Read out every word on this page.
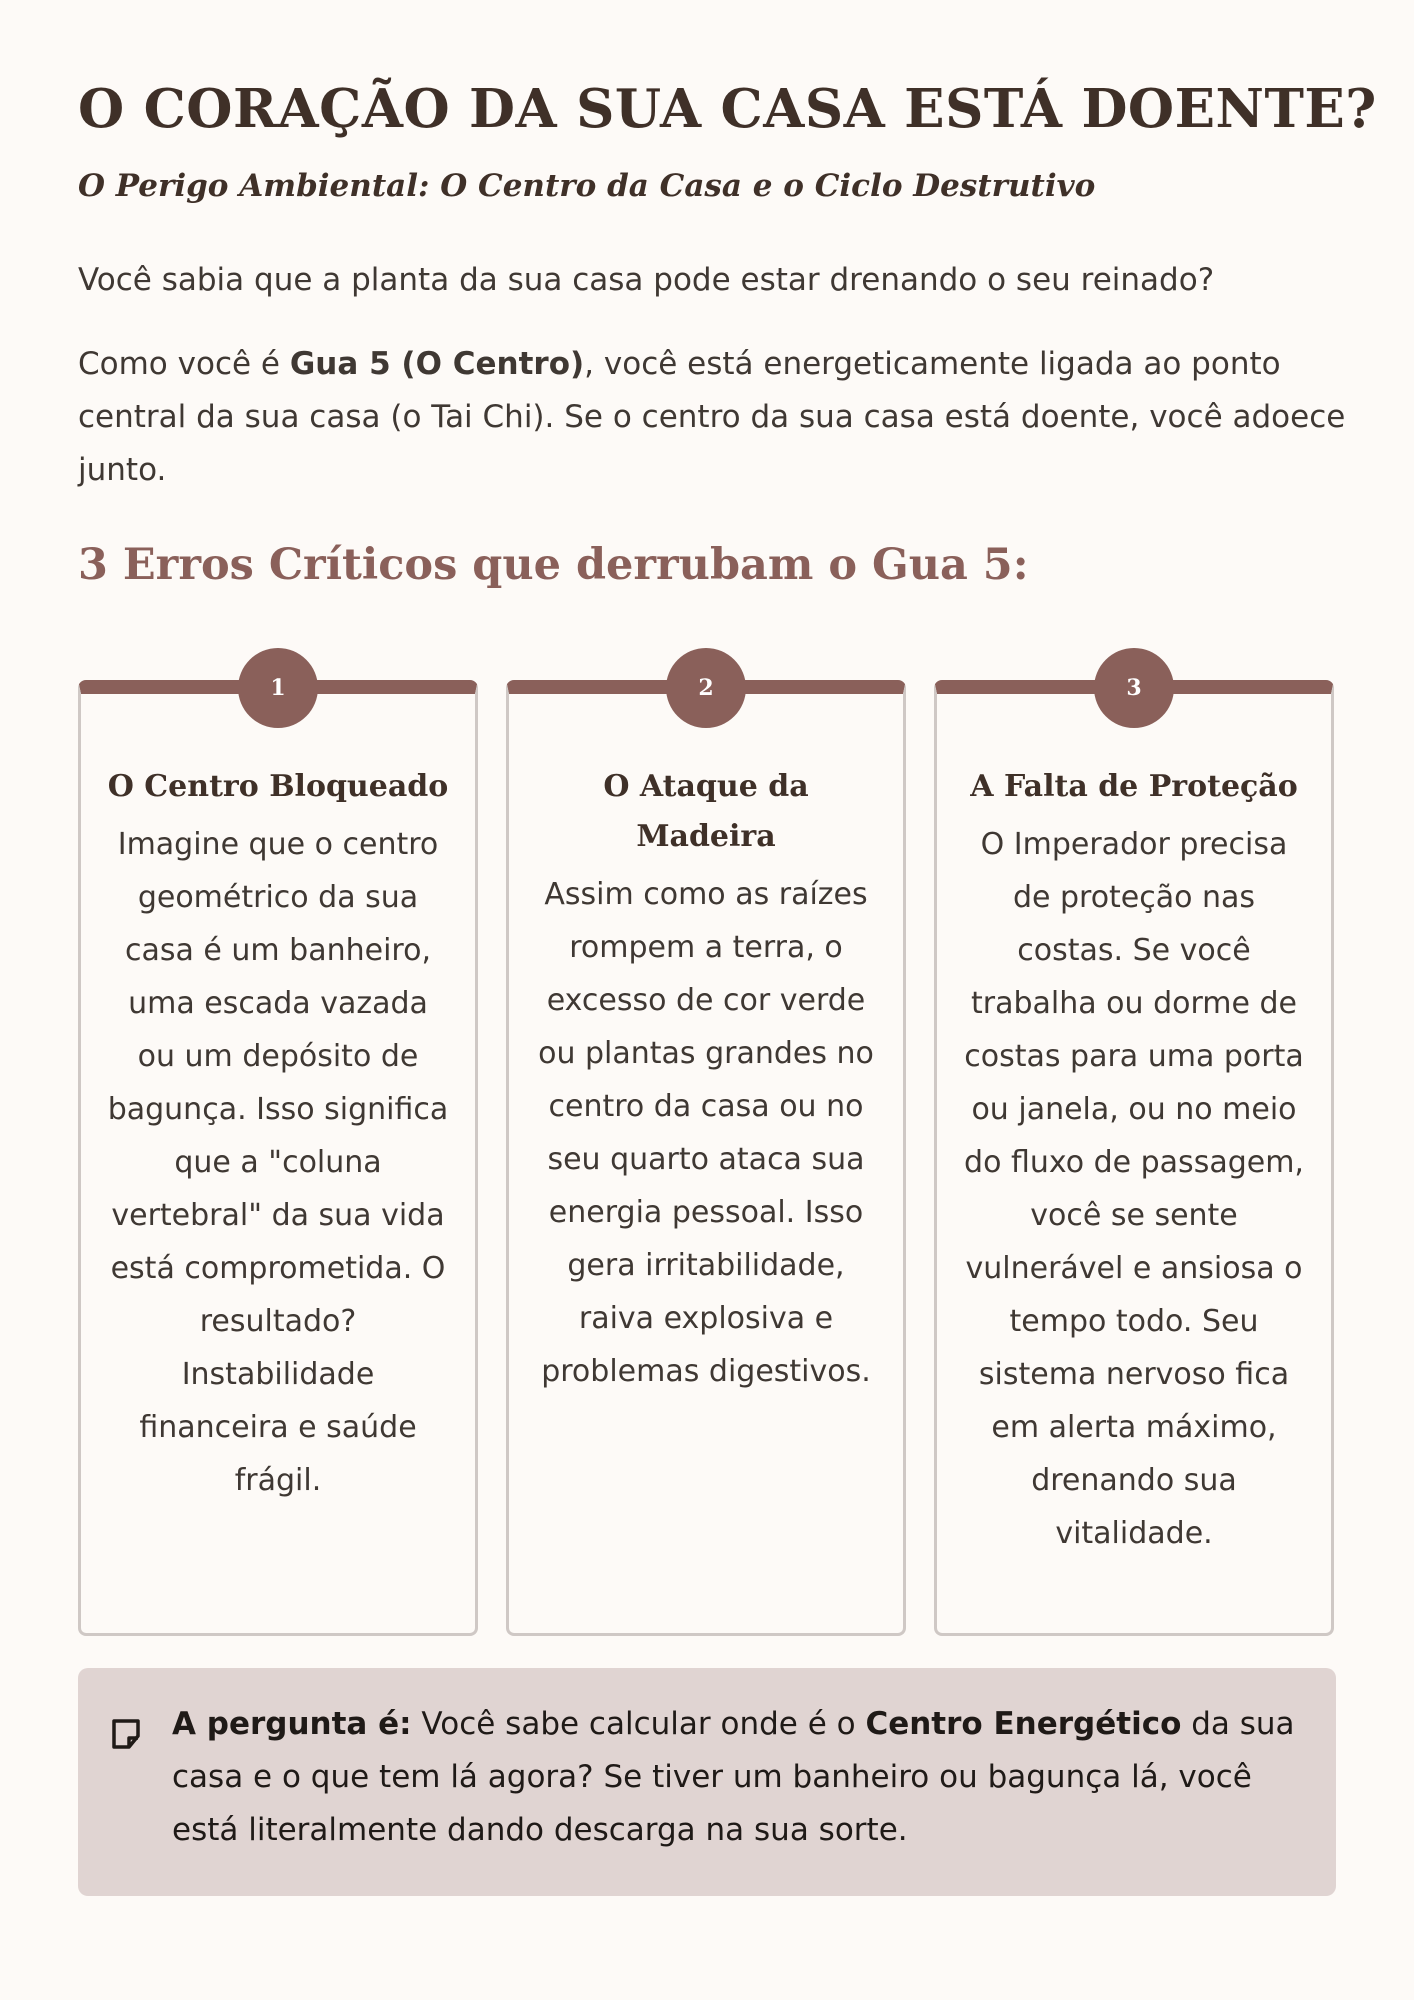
O CORAÇÃO DA SUA CASA ESTÁ DOENTE?
O Perigo Ambiental: O Centro da Casa e o Ciclo Destrutivo

Você sabia que a planta da sua casa pode estar drenando o seu reinado?

Como você é Gua 5 (O Centro), você está energeticamente ligada ao ponto central da sua casa (o Tai Chi). Se o centro da sua casa está doente, você adoece junto.

3 Erros Críticos que derrubam o Gua 5:
1
O Centro Bloqueado

Imagine que o centro geométrico da sua casa é um banheiro, uma escada vazada ou um depósito de bagunça. Isso significa que a "coluna vertebral" da sua vida está comprometida. O resultado? Instabilidade financeira e saúde frágil.

2
O Ataque da Madeira

Assim como as raízes rompem a terra, o excesso de cor verde ou plantas grandes no centro da casa ou no seu quarto ataca sua energia pessoal. Isso gera irritabilidade, raiva explosiva e problemas digestivos.

3
A Falta de Proteção

O Imperador precisa de proteção nas costas. Se você trabalha ou dorme de costas para uma porta ou janela, ou no meio do fluxo de passagem, você se sente vulnerável e ansiosa o tempo todo. Seu sistema nervoso fica em alerta máximo, drenando sua vitalidade.

A pergunta é: Você sabe calcular onde é o Centro Energético da sua casa e o que tem lá agora? Se tiver um banheiro ou bagunça lá, você está literalmente dando descarga na sua sorte.
